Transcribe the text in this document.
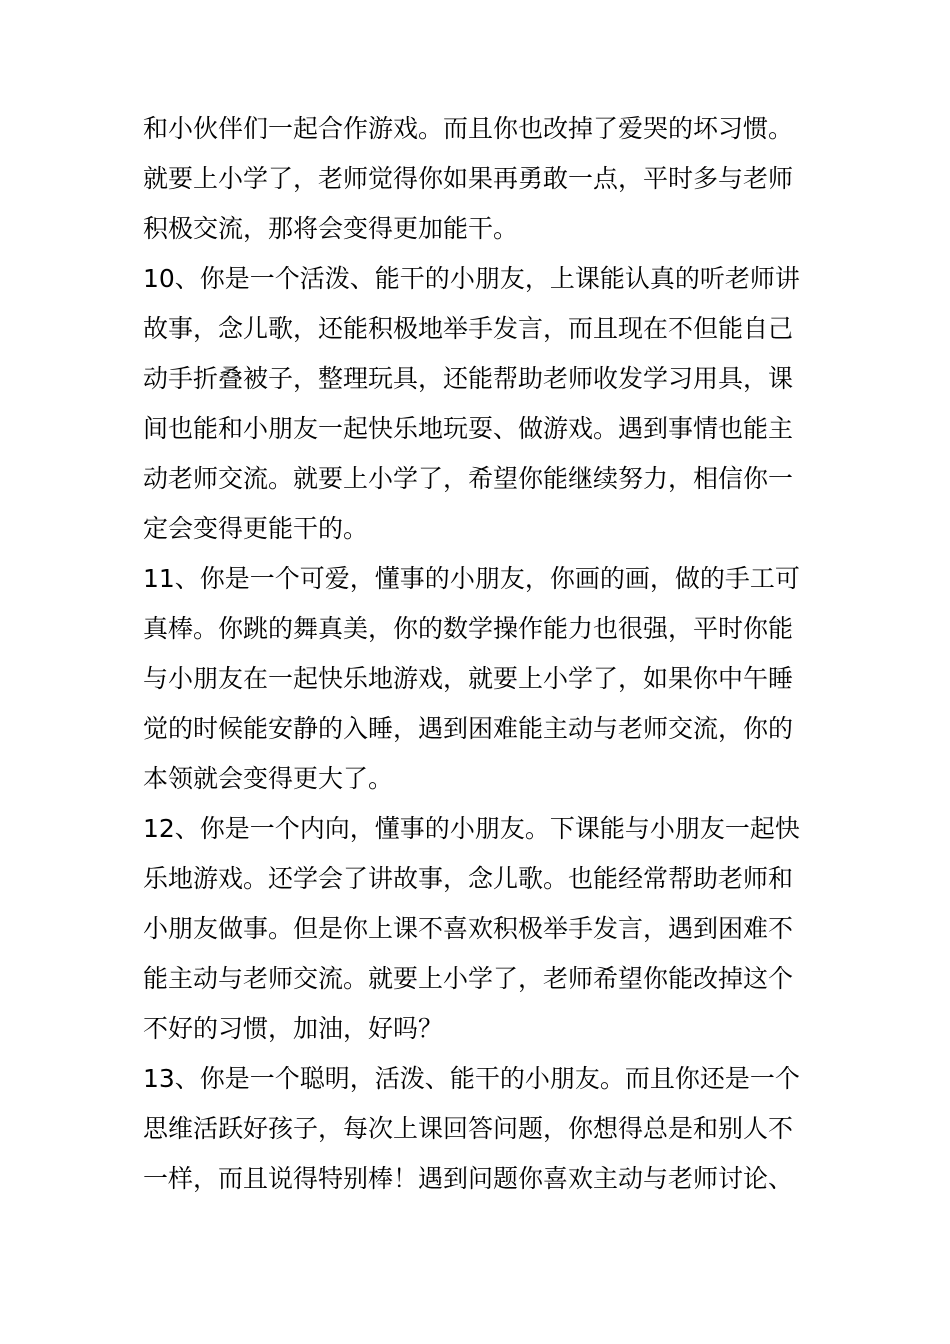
和小伙伴们一起合作游戏。而且你也改掉了爱哭的坏习惯。
就要上小学了，老师觉得你如果再勇敢一点，平时多与老师
积极交流，那将会变得更加能干。
10、你是一个活泼、能干的小朋友，上课能认真的听老师讲
故事，念儿歌，还能积极地举手发言，而且现在不但能自己
动手折叠被子，整理玩具，还能帮助老师收发学习用具，课
间也能和小朋友一起快乐地玩耍、做游戏。遇到事情也能主
动老师交流。就要上小学了，希望你能继续努力，相信你一
定会变得更能干的。
11、你是一个可爱，懂事的小朋友，你画的画，做的手工可
真棒。你跳的舞真美，你的数学操作能力也很强，平时你能
与小朋友在一起快乐地游戏，就要上小学了，如果你中午睡
觉的时候能安静的入睡，遇到困难能主动与老师交流，你的
本领就会变得更大了。
12、你是一个内向，懂事的小朋友。下课能与小朋友一起快
乐地游戏。还学会了讲故事，念儿歌。也能经常帮助老师和
小朋友做事。但是你上课不喜欢积极举手发言，遇到困难不
能主动与老师交流。就要上小学了，老师希望你能改掉这个
不好的习惯，加油，好吗？
13、你是一个聪明，活泼、能干的小朋友。而且你还是一个
思维活跃好孩子，每次上课回答问题，你想得总是和别人不
一样，而且说得特别棒！遇到问题你喜欢主动与老师讨论、
